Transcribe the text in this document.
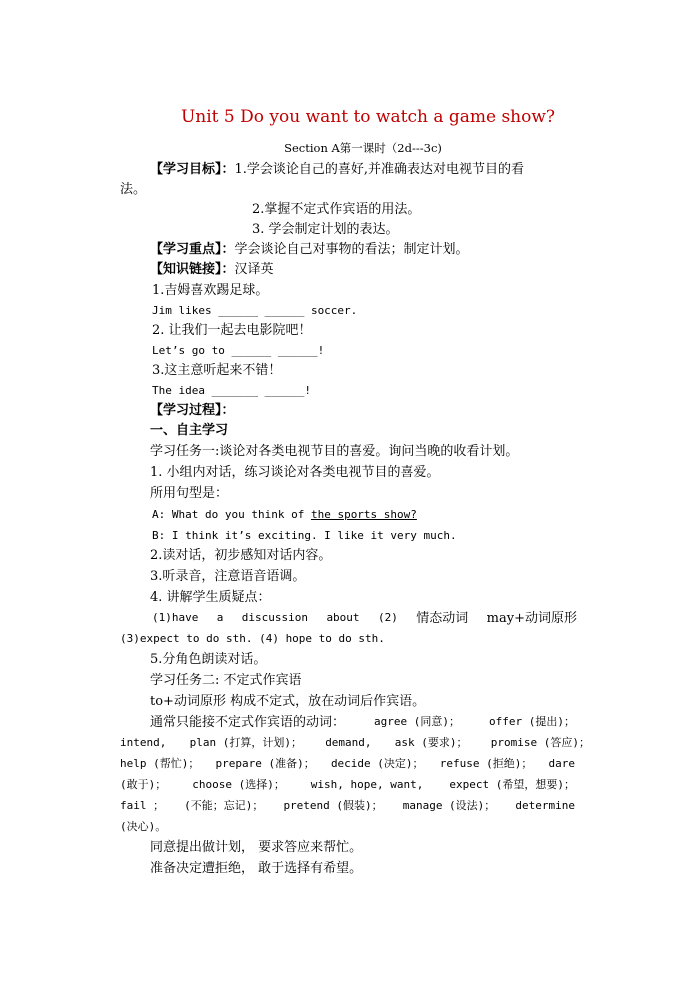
Unit 5 Do you want to watch a game show?
Section A第一课时（2d---3c)
【学习目标】：1.学会谈论自己的喜好,并准确表达对电视节目的看
法。
2.掌握不定式作宾语的用法。
3. 学会制定计划的表达。
【学习重点】：学会谈论自己对事物的看法；制定计划。
【知识链接】：汉译英
1.吉姆喜欢踢足球。
Jim likes ______ ______ soccer.
2. 让我们一起去电影院吧！
Let’s go to ______ ______!
3.这主意听起来不错！
The idea _______ ______!
【学习过程】：
一、自主学习
学习任务一:谈论对各类电视节目的喜爱。询问当晚的收看计划。
1. 小组内对话，练习谈论对各类电视节目的喜爱。
所用句型是：
A: What do you think of the sports show?
B: I think it’s exciting. I like it very much.
2.读对话，初步感知对话内容。
3.听录音，注意语音语调。
4. 讲解学生质疑点：
(1)have a discussion about (2) 情态动词 may+动词原形
(3)expect to do sth. (4) hope to do sth.
5.分角色朗读对话。
学习任务二: 不定式作宾语
to+动词原形 构成不定式，放在动词后作宾语。
通常只能接不定式作宾语的动词：	agree (同意)；	offer (提出)；
intend, plan (打算，计划)； demand, ask (要求)； promise (答应)；
help (帮忙)； prepare (准备)； decide (决定)； refuse (拒绝)； dare
(敢于)； choose (选择)； wish, hope, want, expect (希望，想要)；
fail ； (不能；忘记)； pretend (假装)； manage (设法)； determine
(决心)。
同意提出做计划， 要求答应来帮忙。
准备决定遭拒绝， 敢于选择有希望。
